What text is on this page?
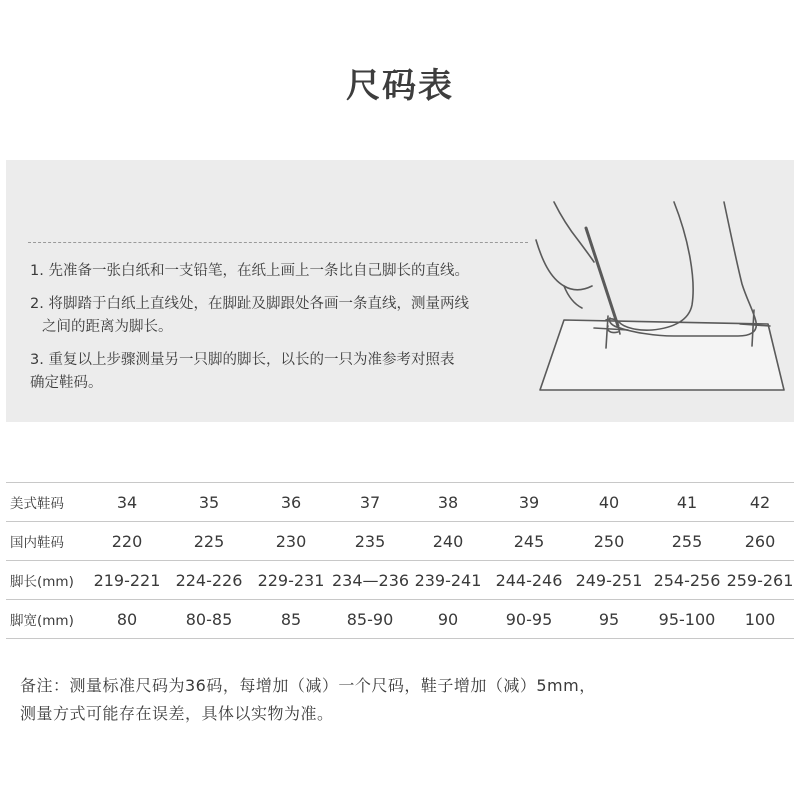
尺码表
1. 先准备一张白纸和一支铅笔，在纸上画上一条比自己脚长的直线。
2. 将脚踏于白纸上直线处，在脚趾及脚跟处各画一条直线，测量两线
之间的距离为脚长。
3. 重复以上步骤测量另一只脚的脚长，以长的一只为准参考对照表
确定鞋码。
美式鞋码	34	35	36	37	38	39	40	41	42
国内鞋码	220	225	230	235	240	245	250	255	260
脚长(mm)	219-221	224-226	229-231	234—236	239-241	244-246	249-251	254-256	259-261
脚宽(mm)	80	80-85	85	85-90	90	90-95	95	95-100	100
备注：测量标准尺码为36码，每增加（减）一个尺码，鞋子增加（减）5mm，
测量方式可能存在误差，具体以实物为准。
